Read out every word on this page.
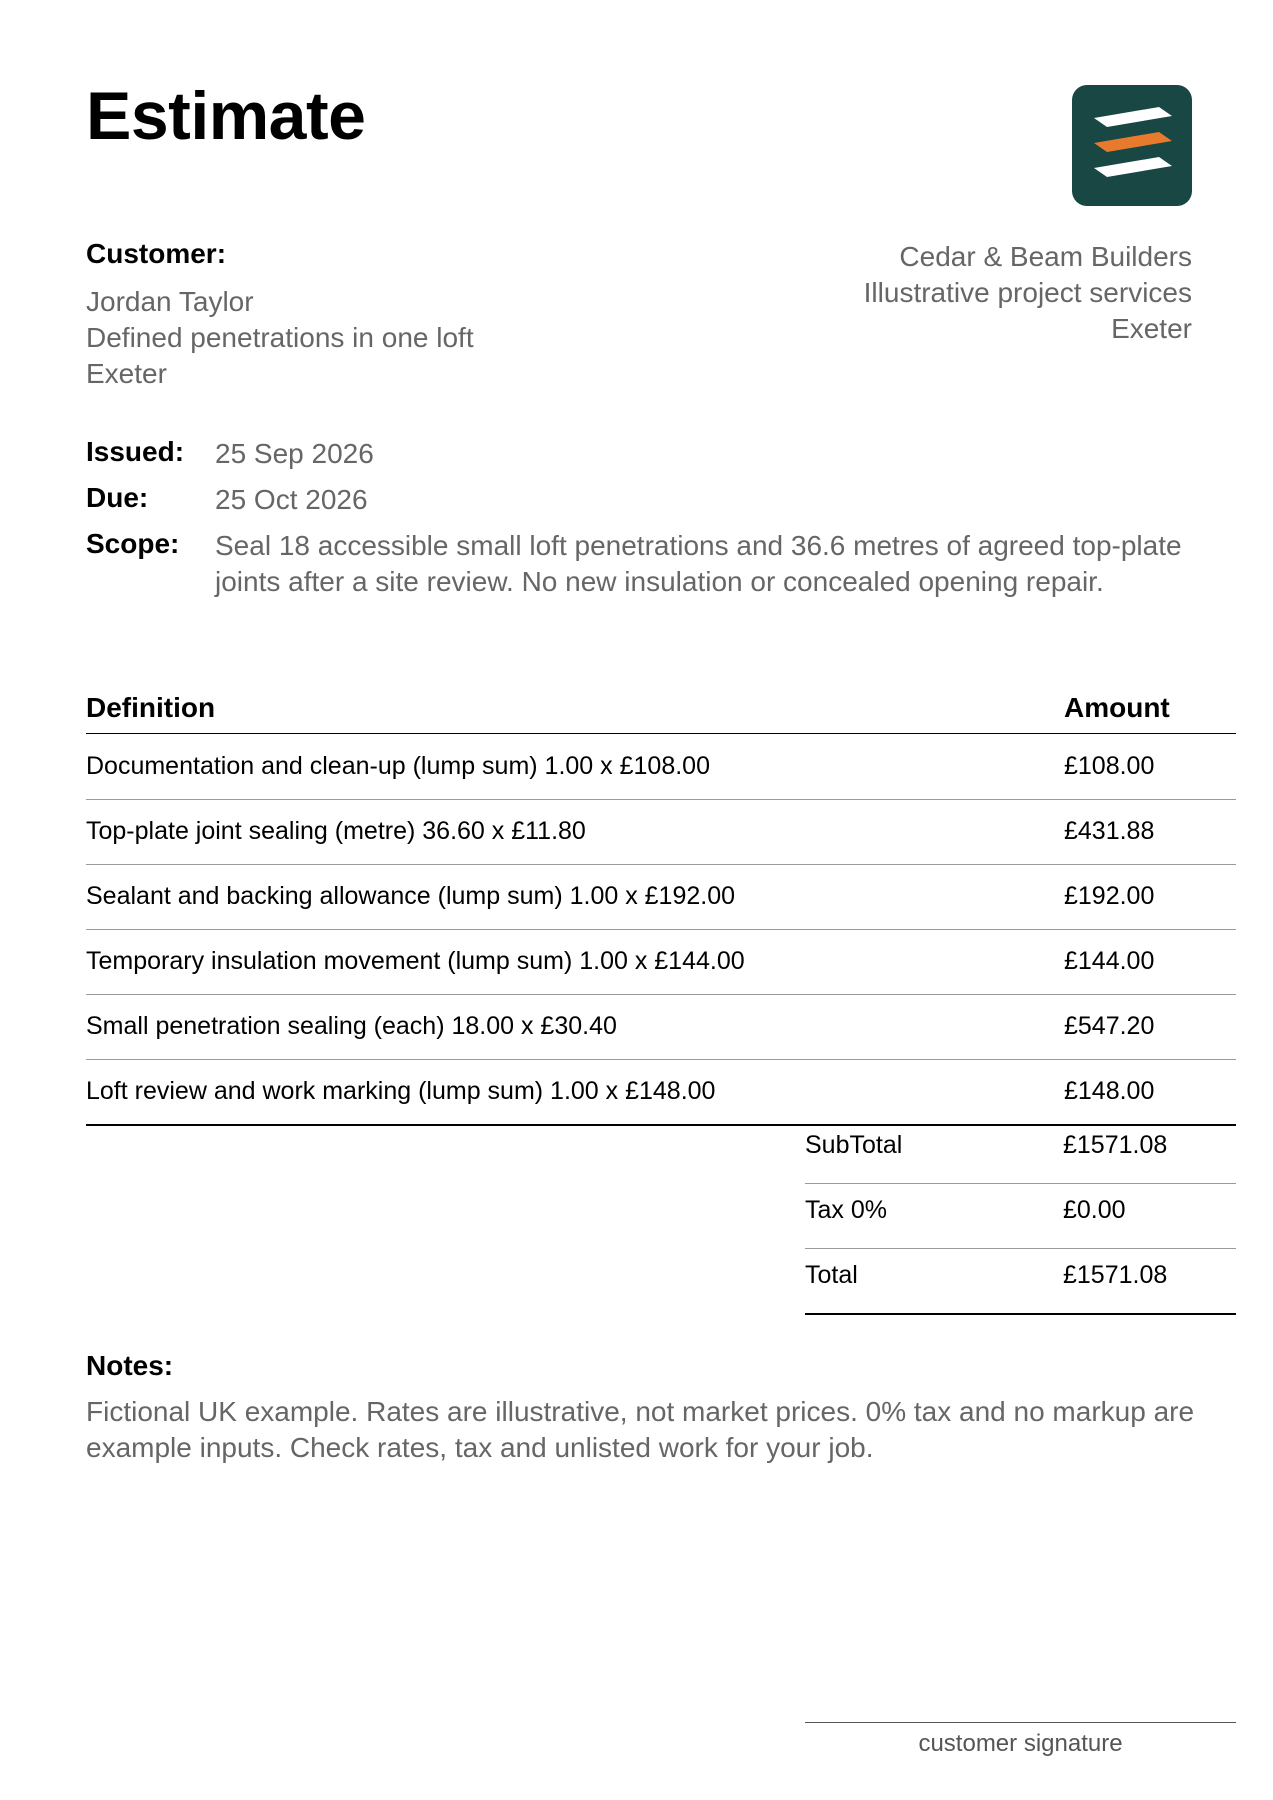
Estimate
Customer:
Jordan Taylor
Defined penetrations in one loft
Exeter
Cedar & Beam Builders
Illustrative project services
Exeter
Issued: 25 Sep 2026
Due: 25 Oct 2026
Scope: Seal 18 accessible small loft penetrations and 36.6 metres of agreed top-plate joints after a site review. No new insulation or concealed opening repair.
Definition	Amount
Documentation and clean-up (lump sum) 1.00 x £108.00	£108.00
Top-plate joint sealing (metre) 36.60 x £11.80	£431.88
Sealant and backing allowance (lump sum) 1.00 x £192.00	£192.00
Temporary insulation movement (lump sum) 1.00 x £144.00	£144.00
Small penetration sealing (each) 18.00 x £30.40	£547.20
Loft review and work marking (lump sum) 1.00 x £148.00	£148.00
SubTotal	£1571.08
Tax 0%	£0.00
Total	£1571.08
Notes:
Fictional UK example. Rates are illustrative, not market prices. 0% tax and no markup are example inputs. Check rates, tax and unlisted work for your job.
customer signature
